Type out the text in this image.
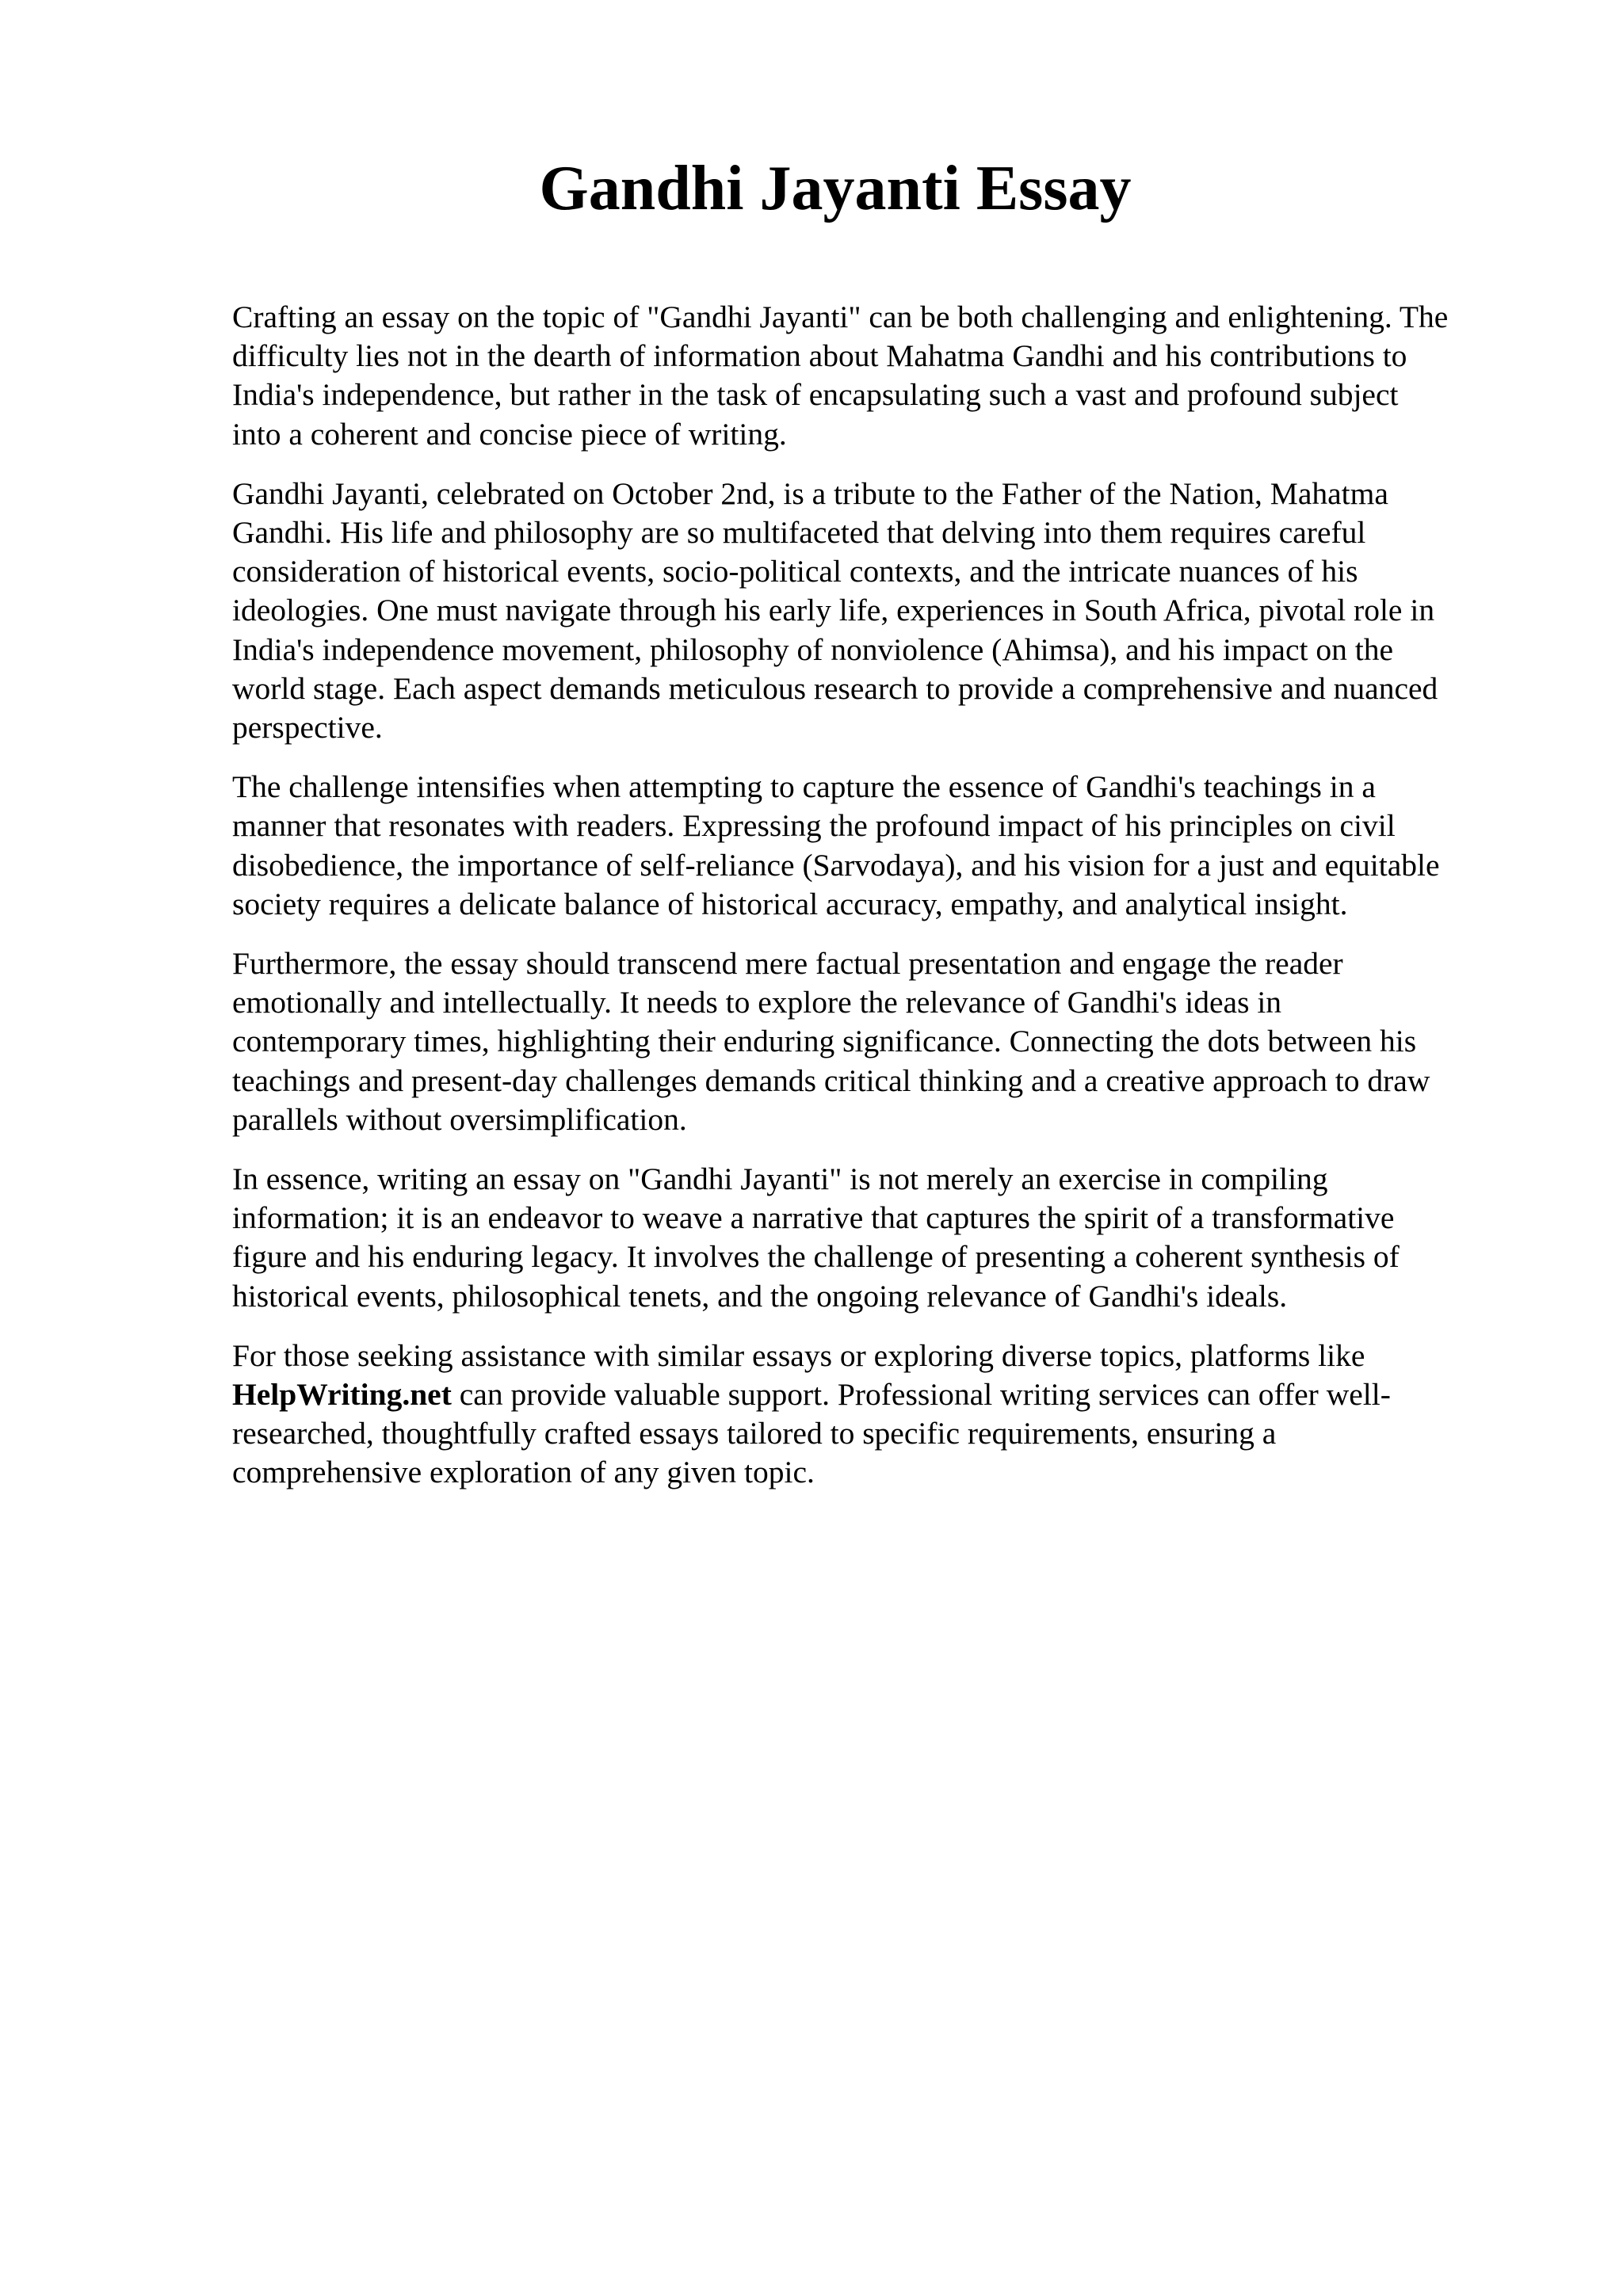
Gandhi Jayanti Essay

Crafting an essay on the topic of "Gandhi Jayanti" can be both challenging and enlightening. The
difficulty lies not in the dearth of information about Mahatma Gandhi and his contributions to
India's independence, but rather in the task of encapsulating such a vast and profound subject
into a coherent and concise piece of writing.

Gandhi Jayanti, celebrated on October 2nd, is a tribute to the Father of the Nation, Mahatma
Gandhi. His life and philosophy are so multifaceted that delving into them requires careful
consideration of historical events, socio-political contexts, and the intricate nuances of his
ideologies. One must navigate through his early life, experiences in South Africa, pivotal role in
India's independence movement, philosophy of nonviolence (Ahimsa), and his impact on the
world stage. Each aspect demands meticulous research to provide a comprehensive and nuanced
perspective.

The challenge intensifies when attempting to capture the essence of Gandhi's teachings in a
manner that resonates with readers. Expressing the profound impact of his principles on civil
disobedience, the importance of self-reliance (Sarvodaya), and his vision for a just and equitable
society requires a delicate balance of historical accuracy, empathy, and analytical insight.

Furthermore, the essay should transcend mere factual presentation and engage the reader
emotionally and intellectually. It needs to explore the relevance of Gandhi's ideas in
contemporary times, highlighting their enduring significance. Connecting the dots between his
teachings and present-day challenges demands critical thinking and a creative approach to draw
parallels without oversimplification.

In essence, writing an essay on "Gandhi Jayanti" is not merely an exercise in compiling
information; it is an endeavor to weave a narrative that captures the spirit of a transformative
figure and his enduring legacy. It involves the challenge of presenting a coherent synthesis of
historical events, philosophical tenets, and the ongoing relevance of Gandhi's ideals.

For those seeking assistance with similar essays or exploring diverse topics, platforms like
HelpWriting.net can provide valuable support. Professional writing services can offer well-
researched, thoughtfully crafted essays tailored to specific requirements, ensuring a
comprehensive exploration of any given topic.
